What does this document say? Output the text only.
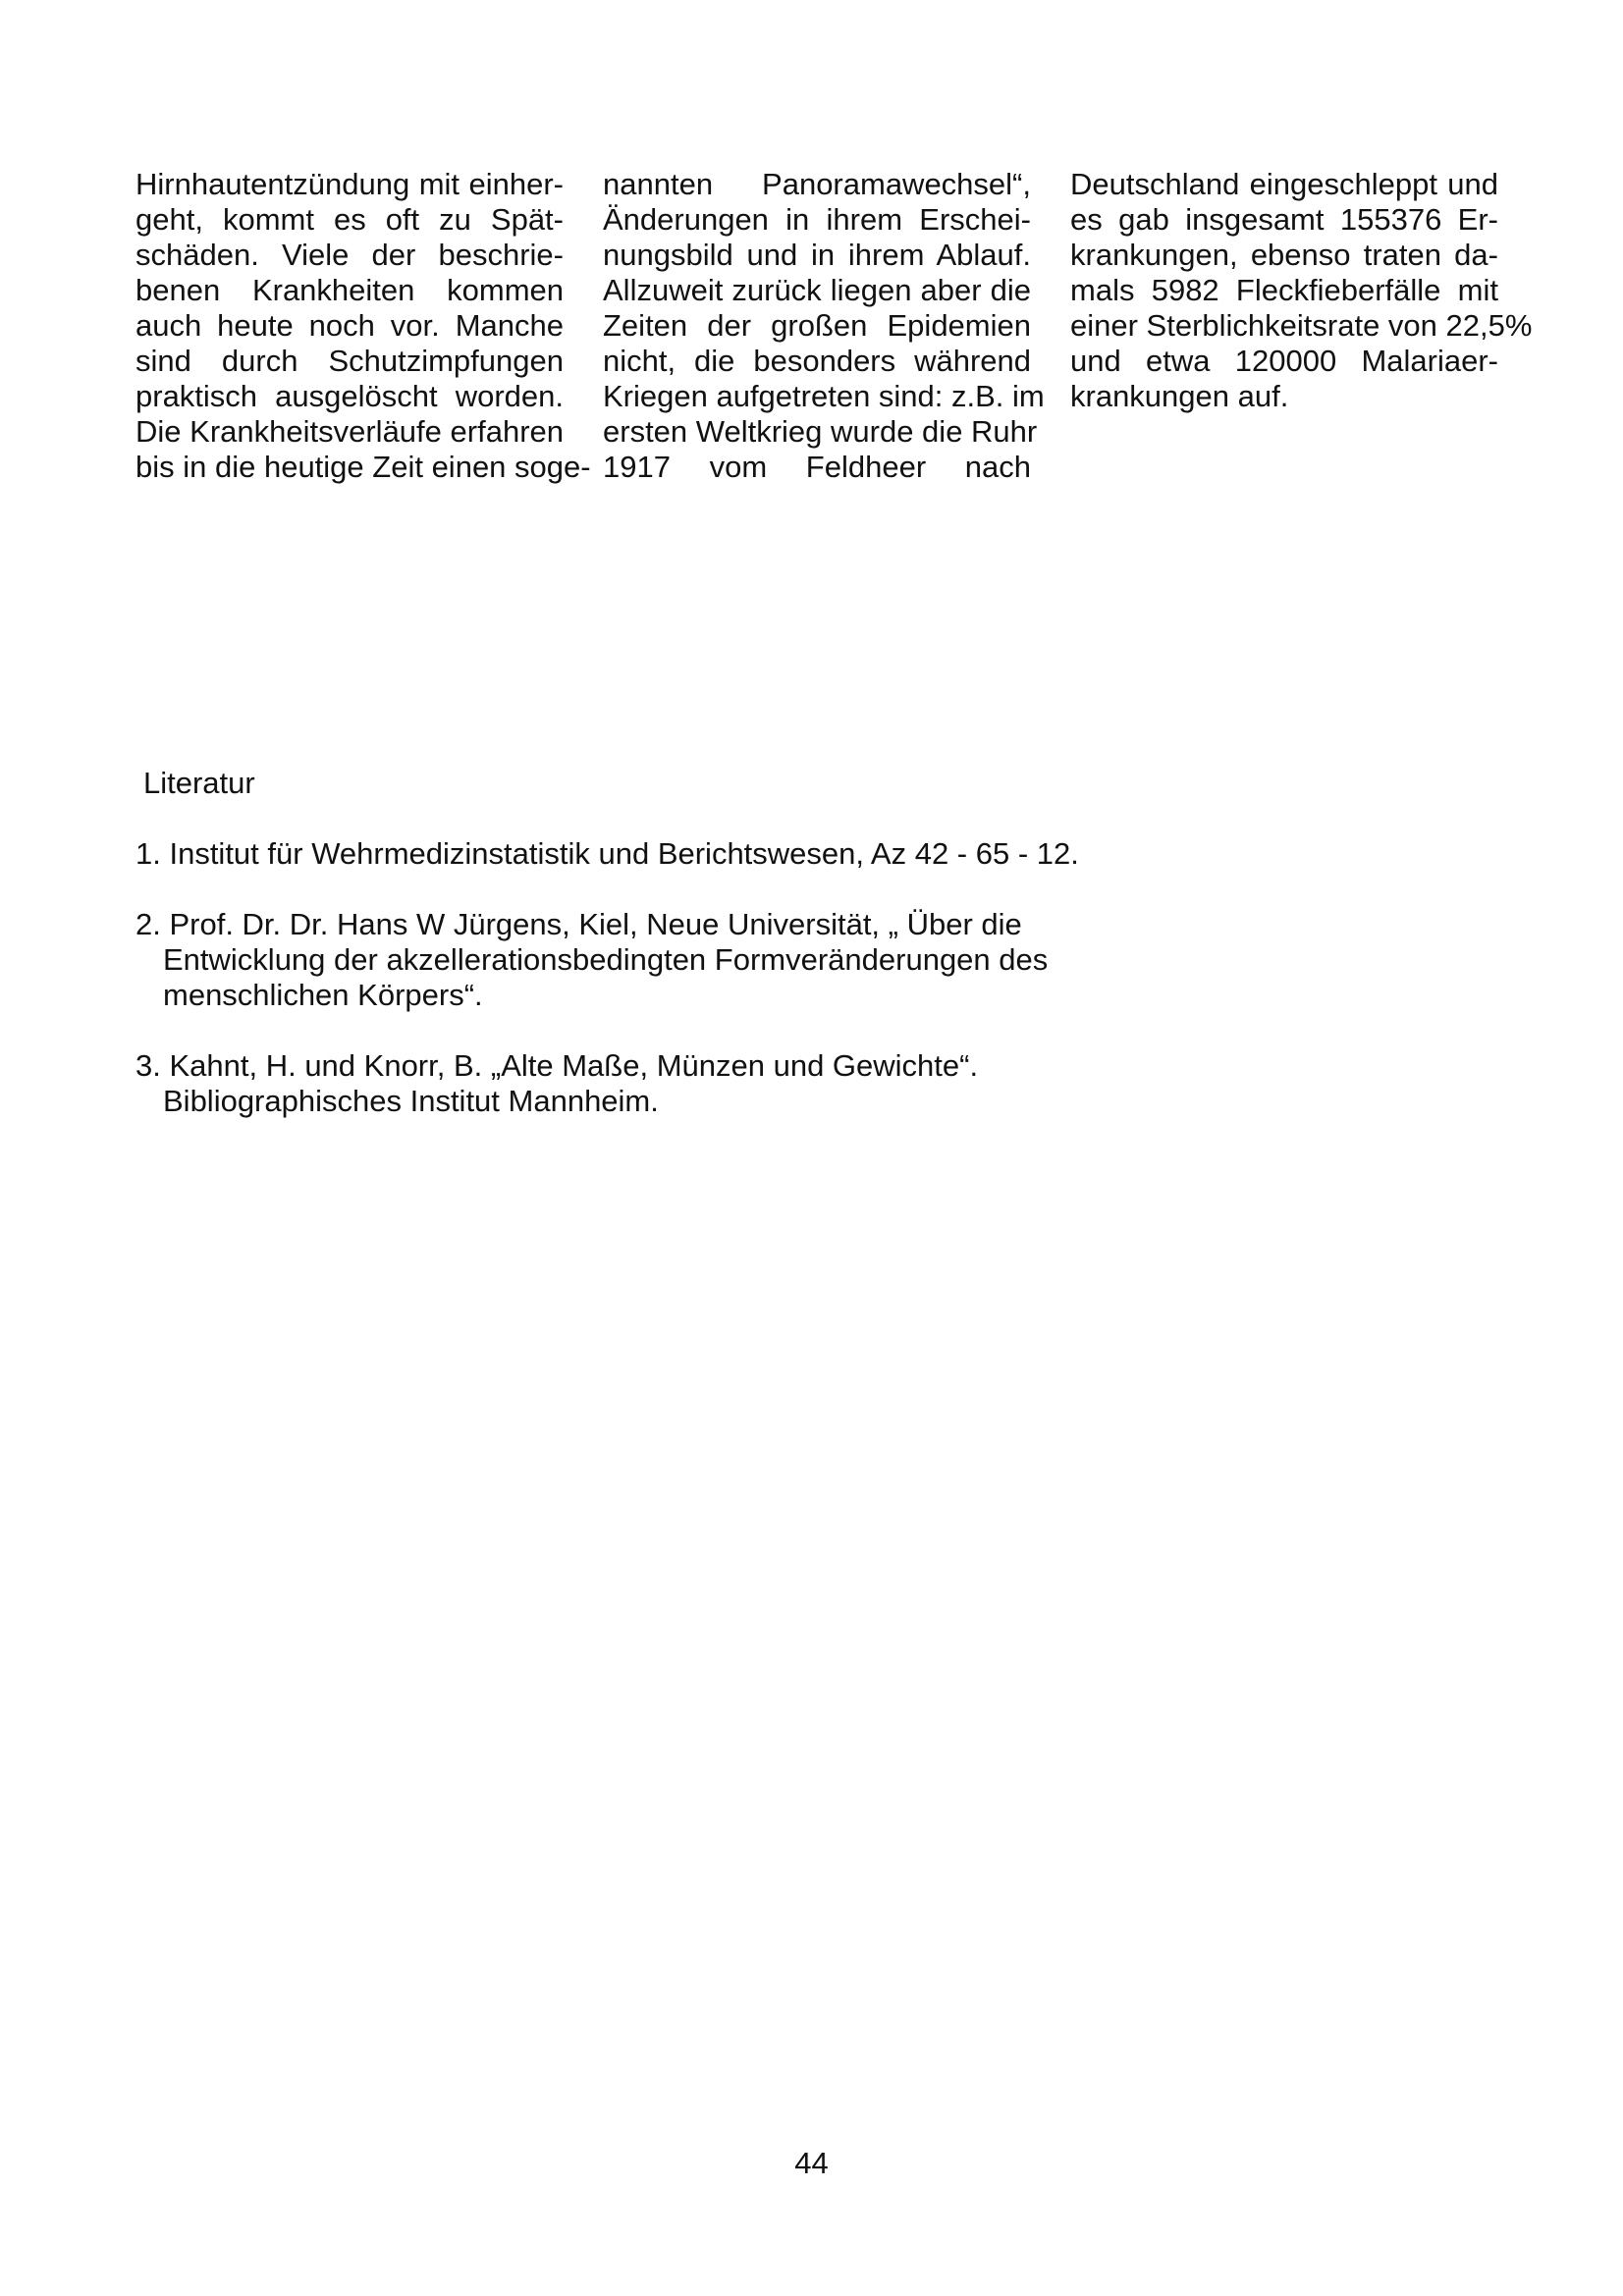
Hirnhautentzündung mit einher-
geht, kommt es oft zu Spät-
schäden. Viele der beschrie-
benen Krankheiten kommen
auch heute noch vor. Manche
sind durch Schutzimpfungen
praktisch ausgelöscht worden.
Die Krankheitsverläufe erfahren
bis in die heutige Zeit einen soge-
nannten Panoramawechsel“,
Änderungen in ihrem Erschei-
nungsbild und in ihrem Ablauf.
Allzuweit zurück liegen aber die
Zeiten der großen Epidemien
nicht, die besonders während
Kriegen aufgetreten sind: z.B. im
ersten Weltkrieg wurde die Ruhr
1917 vom Feldheer nach
Deutschland eingeschleppt und
es gab insgesamt 155376 Er-
krankungen, ebenso traten da-
mals 5982 Fleckfieberfälle mit
einer Sterblichkeitsrate von 22,5%
und etwa 120000 Malariaer-
krankungen auf.
Literatur
1. Institut für Wehrmedizinstatistik und Berichtswesen, Az 42 - 65 - 12.
2. Prof. Dr. Dr. Hans W Jürgens, Kiel, Neue Universität, „ Über die
Entwicklung der akzellerationsbedingten Formveränderungen des
menschlichen Körpers“.
3. Kahnt, H. und Knorr, B. „Alte Maße, Münzen und Gewichte“.
Bibliographisches Institut Mannheim.
44
